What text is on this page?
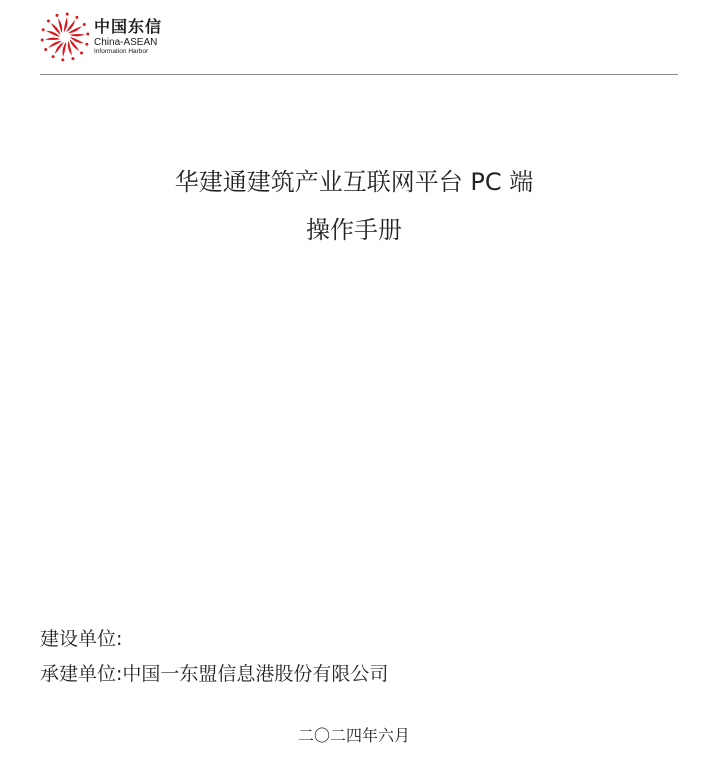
中国东信
China-ASEAN
Information Harbor
华建通建筑产业互联网平台 PC 端
操作手册
建设单位:
承建单位:中国一东盟信息港股份有限公司
二〇二四年六月
